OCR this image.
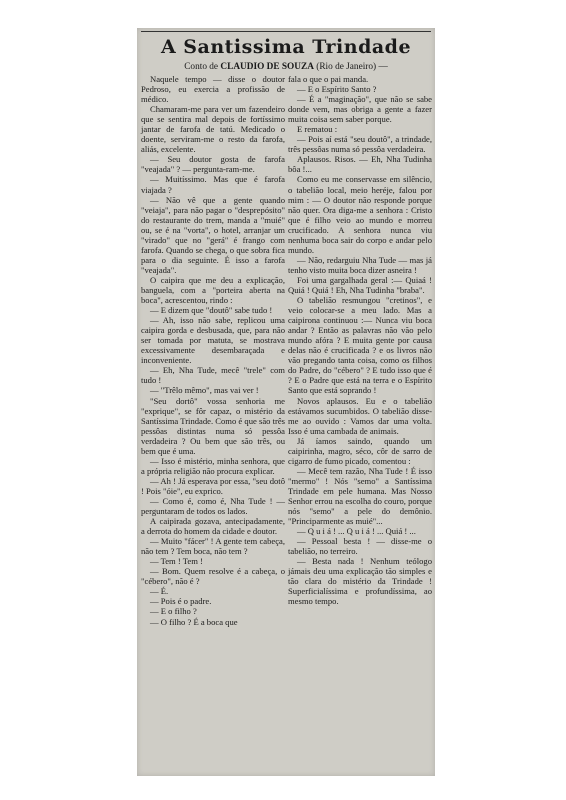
A Santissima Trindade
Conto de CLAUDIO DE SOUZA (Rio de Janeiro) —

Naquele tempo — disse o doutor Pedroso, eu exercia a profissão de médico.

Chamaram-me para ver um fazendeiro que se sentira mal depois de fortíssimo jantar de farofa de tatú. Medicado o doente, serviram-me o resto da farofa, aliás, excelente.

— Seu doutor gosta de farofa "veajada" ? — pergunta-ram-me.

— Muitíssimo. Mas que é farofa viajada ?

— Não vê que a gente quando "veiaja", para não pagar o "desprepósito" do restaurante do trem, manda a "muié" ou, se é na "vorta", o hotel, arranjar um "virado" que no "gerá" é frango com farofa. Quando se chega, o que sobra fica para o dia seguinte. É isso a farofa "veajada".

O caipira que me deu a explicação, banguela, com a "porteira aberta na boca", acrescentou, rindo :

— E dizem que "doutô" sabe tudo !

— Ah, isso não sabe, replicou uma caipira gorda e desbusada, que, para não ser tomada por matuta, se mostrava excessivamente desembaraçada e inconveniente.

— Eh, Nha Tude, mecê "trele" com tudo !

— "Trêlo mêmo", mas vai ver !

"Seu dortô" vossa senhoria me "exprique", se fôr capaz, o mistério da Santíssima Trindade. Como é que são três pessôas distintas numa só pessôa verdadeira ? Ou bem que são três, ou bem que é uma.

— Isso é mistério, minha senhora, que a própria religião não procura explicar.

— Ah ! Já esperava por essa, "seu dotô ! Pois "óie", eu exprico.

— Como é, como é, Nha Tude ! — perguntaram de todos os lados.

A caipirada gozava, antecipadamente, a derrota do homem da cidade e doutor.

— Muito "fácer" ! A gente tem cabeça, não tem ? Tem boca, não tem ?

— Tem ! Tem !

— Bom. Quem resolve é a cabeça, o "cébero", não é ?

— É.

— Pois é o padre.

— E o filho ?

— O filho ? É a boca que

fala o que o pai manda.

— E o Espírito Santo ?

— É a "maginação", que não se sabe donde vem, mas obriga a gente a fazer muita coisa sem saber porque.

E rematou :

— Pois aí está "seu doutô", a trindade, três pessôas numa só pessôa verdadeira.

Aplausos. Risos. — Eh, Nha Tudinha bôa !...

Como eu me conservasse em silêncio, o tabelião local, meio heréje, falou por mim : — O doutor não responde porque não quer. Ora diga-me a senhora : Cristo que é filho veio ao mundo e morreu crucificado. A senhora nunca viu nenhuma boca sair do corpo e andar pelo mundo.

— Não, redarguiu Nha Tude — mas já tenho visto muita boca dizer asneira !

Foi uma gargalhada geral :— Quiaá ! Quiá ! Quiá ! Eh, Nha Tudinha "braba".

O tabelião resmungou "cretinos", e veio colocar-se a meu lado. Mas a caipirona continuou :— Nunca viu boca andar ? Então as palavras não vão pelo mundo afóra ? E muita gente por causa delas não é crucificada ? e os livros não vão pregando tanta coisa, como os filhos do Padre, do "cébero" ? E tudo isso que é ? E o Padre que está na terra e o Espírito Santo que está soprando !

Novos aplausos. Eu e o tabelião estávamos sucumbidos. O tabelião disse-me ao ouvido : Vamos dar uma volta. Isso é uma cambada de animais.

Já íamos saindo, quando um caipirinha, magro, séco, côr de sarro de cigarro de fumo picado, comentou :

— Mecê tem razão, Nha Tude ! É isso "mermo" ! Nós "semo" a Santíssima Trindade em pele humana. Mas Nosso Senhor errou na escolha do couro, porque nós "semo" a pele do demônio. "Principarmente as muié"...

— Q u i á ! ... Q u i á ! ... Quiá ! ...

— Pessoal besta ! — disse-me o tabelião, no terreiro.

— Besta nada ! Nenhum teólogo jámais deu uma explicação tão simples e tão clara do mistério da Trindade ! Superficialíssima e profundíssima, ao mesmo tempo.
